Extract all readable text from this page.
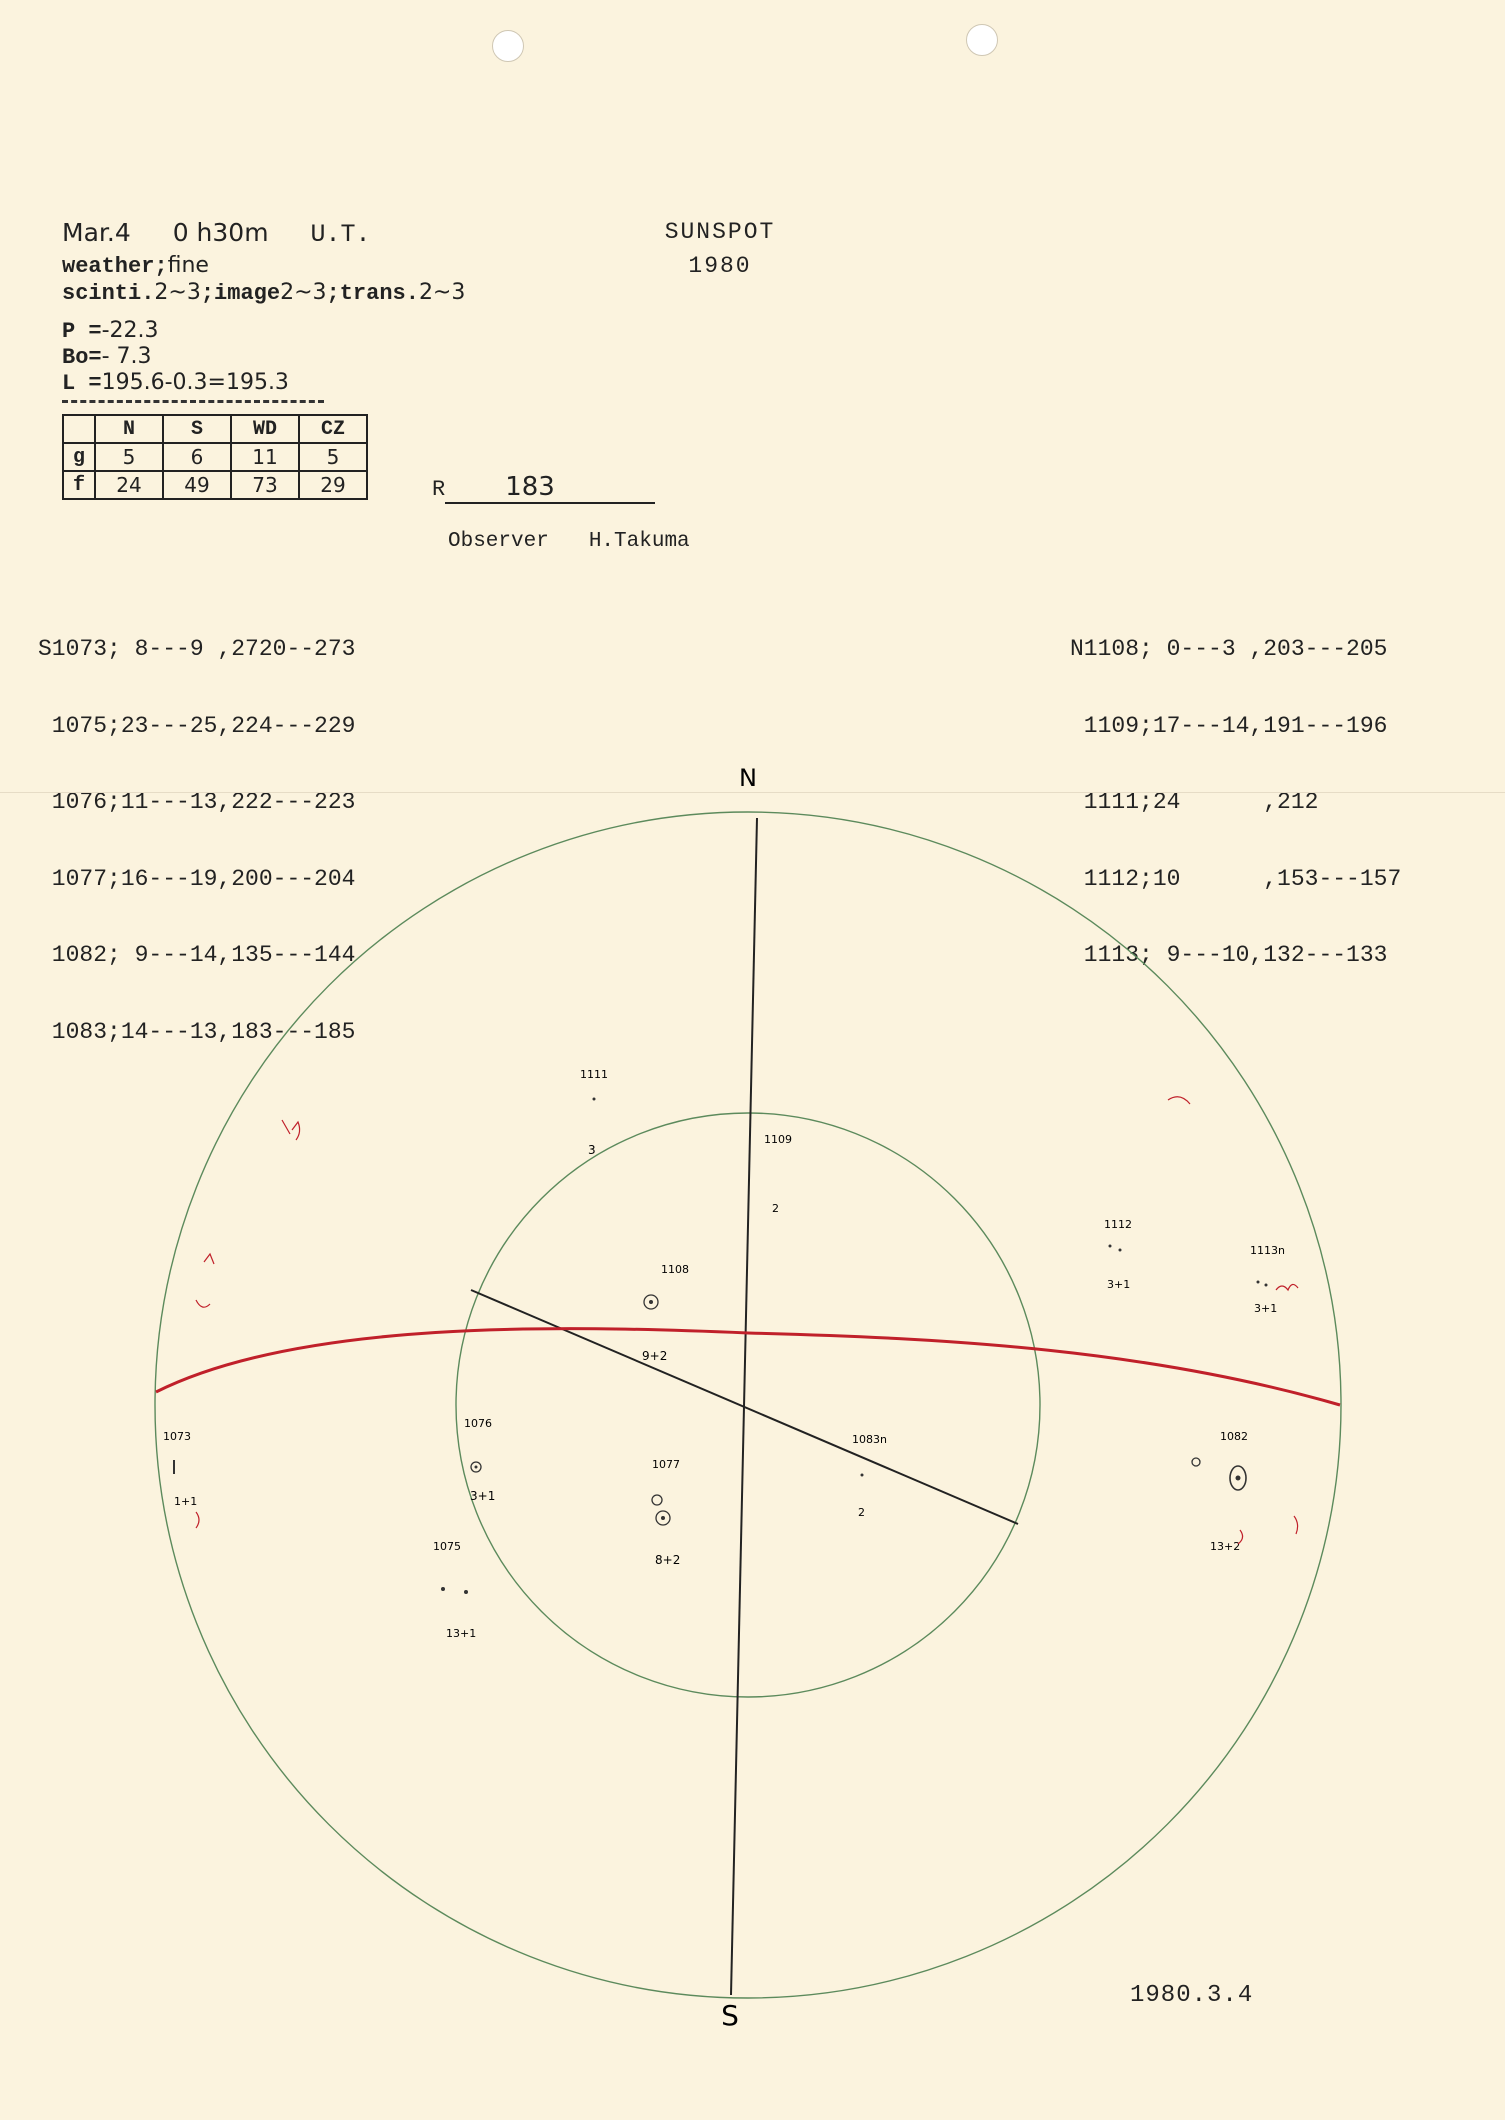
Mar.4 0 h30m U.T.
weather;fine
scinti.2~3;image2~3;trans.2~3
P =-22.3
Bo=- 7.3
L =195.6-0.3=195.3
SUNSPOT
1980
	N	S	WD	CZ
g	5	6	11	5
f	24	49	73	29	R 183
Observer H.Takuma

S1073; 8---9 ,2720--273

1075;23---25,224---229

1076;11---13,222---223

1077;16---19,200---204

1082; 9---14,135---144

1083;14---13,183---185

N1108; 0---3 ,203---205

1109;17---14,191---196

1111;24      ,212

1112;10      ,153---157

1113; 9---10,132---133

N
S
1111
3
1109
2
1108
9+2
1112
3+1
1113n
3+1
1073
1+1
1076
3+1
1077
8+2
1075
13+1
1083n
2
1082
13+2
1980.3.4
